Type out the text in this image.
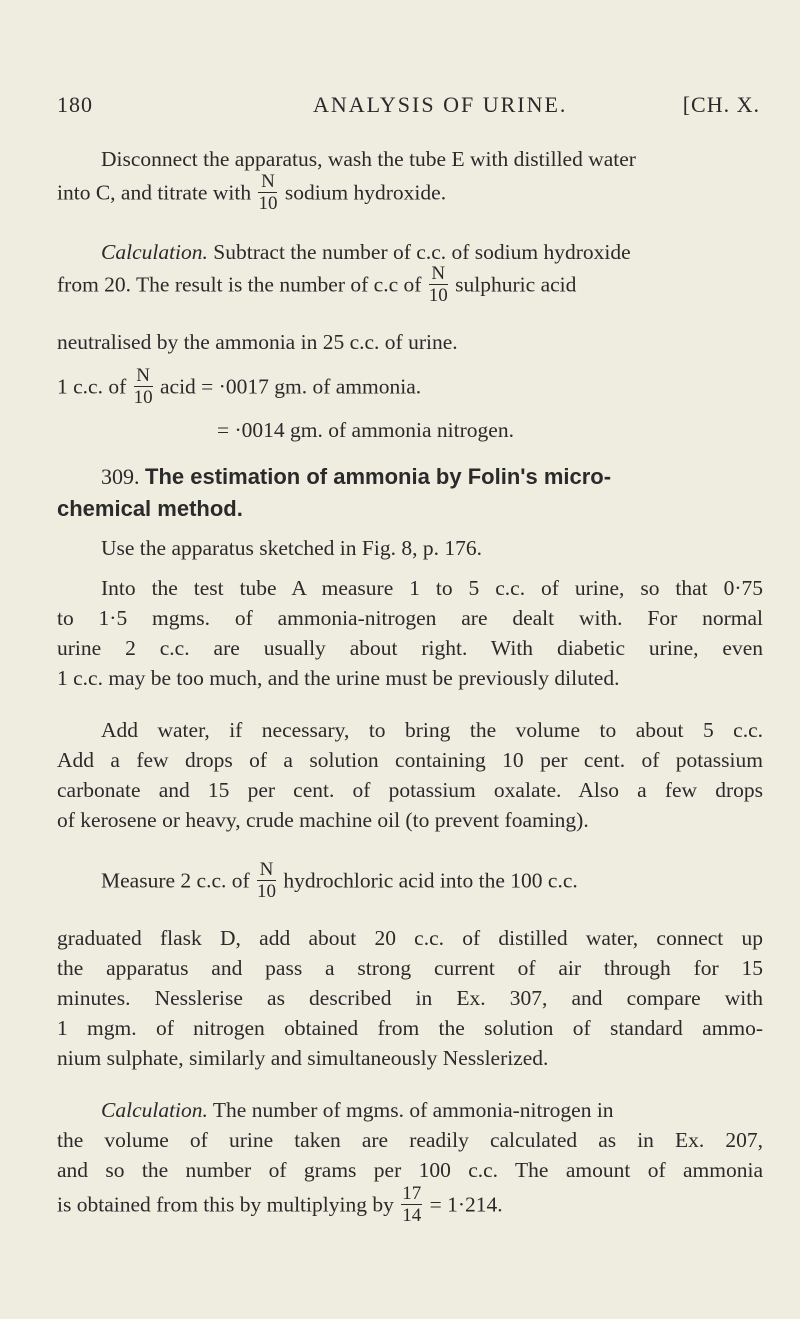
180	ANALYSIS OF URINE.	[CH. X.
Disconnect the apparatus, wash the tube E with distilled water
into C, and titrate with $\frac{N}{10}$ sodium hydroxide.
Calculation. Subtract the number of c.c. of sodium hydroxide
from 20. The result is the number of c.c of $\frac{N}{10}$ sulphuric acid
neutralised by the ammonia in 25 c.c. of urine.
1 c.c. of $\frac{N}{10}$ acid = ·0017 gm. of ammonia.
= ·0014 gm. of ammonia nitrogen.
309. The estimation of ammonia by Folin's micro-
chemical method.
Use the apparatus sketched in Fig. 8, p. 176.
Into the test tube A measure 1 to 5 c.c. of urine, so that 0·75
to 1·5 mgms. of ammonia-nitrogen are dealt with. For normal
urine 2 c.c. are usually about right. With diabetic urine, even
1 c.c. may be too much, and the urine must be previously diluted.
Add water, if necessary, to bring the volume to about 5 c.c.
Add a few drops of a solution containing 10 per cent. of potassium
carbonate and 15 per cent. of potassium oxalate. Also a few drops
of kerosene or heavy, crude machine oil (to prevent foaming).
Measure 2 c.c. of $\frac{N}{10}$ hydrochloric acid into the 100 c.c.
graduated flask D, add about 20 c.c. of distilled water, connect up
the apparatus and pass a strong current of air through for 15
minutes. Nesslerise as described in Ex. 307, and compare with
1 mgm. of nitrogen obtained from the solution of standard ammo-
nium sulphate, similarly and simultaneously Nesslerized.
Calculation. The number of mgms. of ammonia-nitrogen in
the volume of urine taken are readily calculated as in Ex. 207,
and so the number of grams per 100 c.c. The amount of ammonia
is obtained from this by multiplying by $\frac{17}{14} = 1\cdot 214$.
